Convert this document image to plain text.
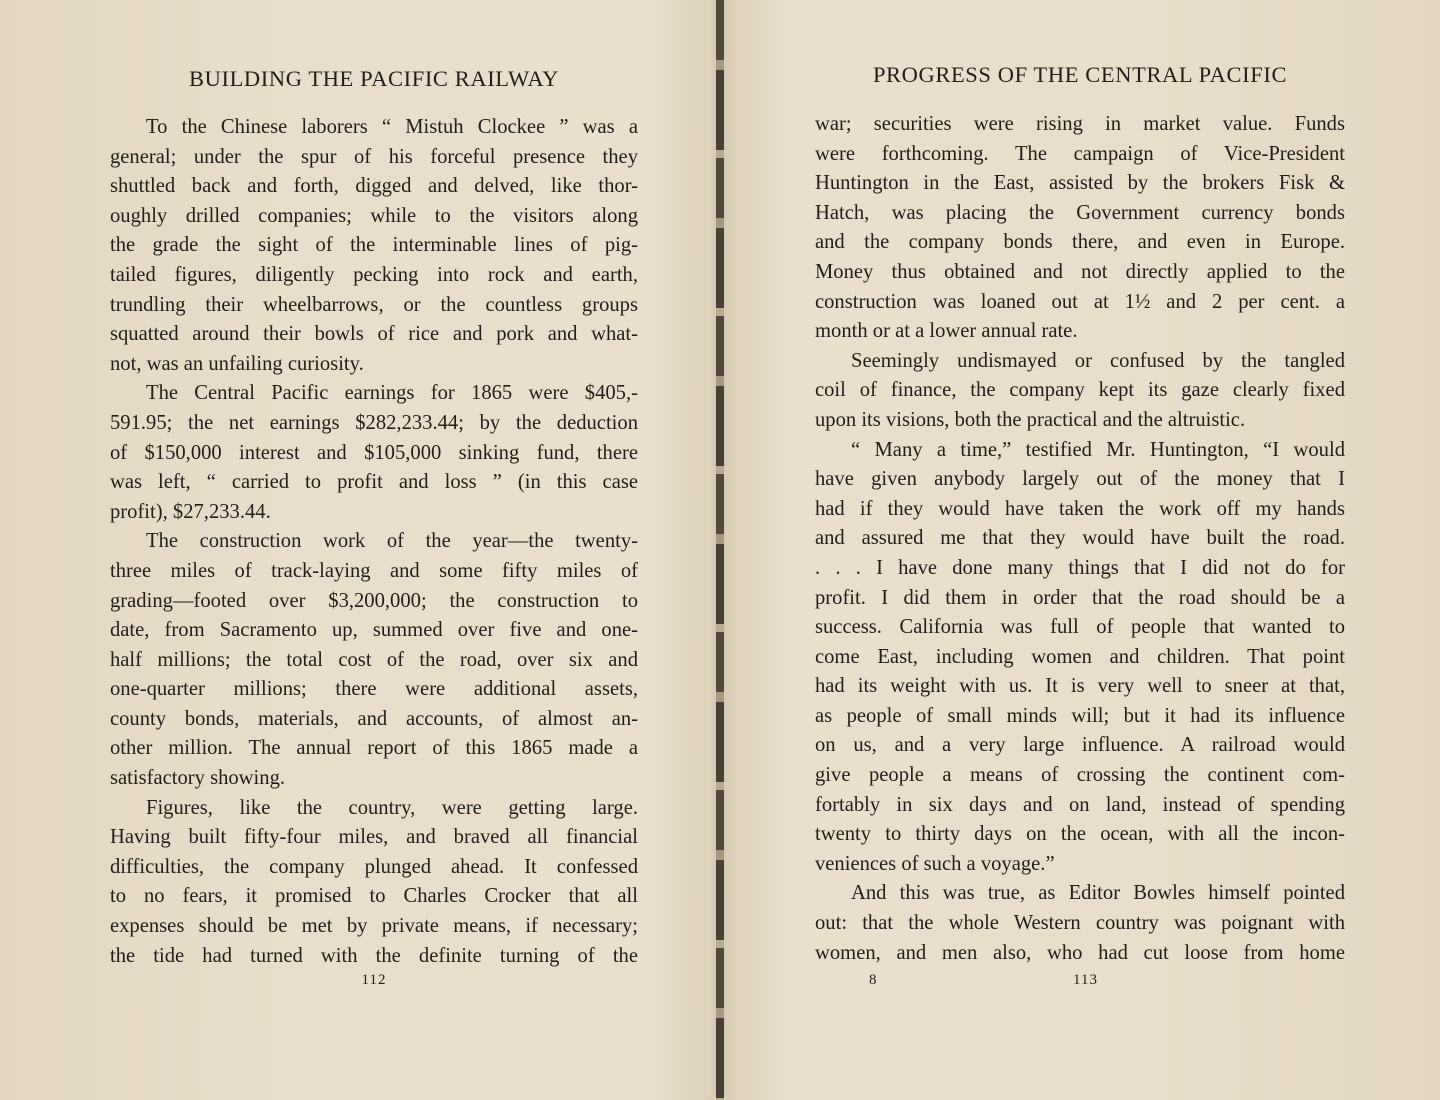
BUILDING THE PACIFIC RAILWAY
To the Chinese laborers “ Mistuh Clockee ” was a
general; under the spur of his forceful presence they
shuttled back and forth, digged and delved, like thor-
oughly drilled companies; while to the visitors along
the grade the sight of the interminable lines of pig-
tailed figures, diligently pecking into rock and earth,
trundling their wheelbarrows, or the countless groups
squatted around their bowls of rice and pork and what-
not, was an unfailing curiosity.
The Central Pacific earnings for 1865 were $405,-
591.95; the net earnings $282,233.44; by the deduction
of $150,000 interest and $105,000 sinking fund, there
was left, “ carried to profit and loss ” (in this case
profit), $27,233.44.
The construction work of the year—the twenty-
three miles of track-laying and some fifty miles of
grading—footed over $3,200,000; the construction to
date, from Sacramento up, summed over five and one-
half millions; the total cost of the road, over six and
one-quarter millions; there were additional assets,
county bonds, materials, and accounts, of almost an-
other million. The annual report of this 1865 made a
satisfactory showing.
Figures, like the country, were getting large.
Having built fifty-four miles, and braved all financial
difficulties, the company plunged ahead. It confessed
to no fears, it promised to Charles Crocker that all
expenses should be met by private means, if necessary;
the tide had turned with the definite turning of the
112
PROGRESS OF THE CENTRAL PACIFIC
war; securities were rising in market value. Funds
were forthcoming. The campaign of Vice-President
Huntington in the East, assisted by the brokers Fisk &
Hatch, was placing the Government currency bonds
and the company bonds there, and even in Europe.
Money thus obtained and not directly applied to the
construction was loaned out at 1½ and 2 per cent. a
month or at a lower annual rate.
Seemingly undismayed or confused by the tangled
coil of finance, the company kept its gaze clearly fixed
upon its visions, both the practical and the altruistic.
“ Many a time,” testified Mr. Huntington, “I would
have given anybody largely out of the money that I
had if they would have taken the work off my hands
and assured me that they would have built the road.
. . . I have done many things that I did not do for
profit. I did them in order that the road should be a
success. California was full of people that wanted to
come East, including women and children. That point
had its weight with us. It is very well to sneer at that,
as people of small minds will; but it had its influence
on us, and a very large influence. A railroad would
give people a means of crossing the continent com-
fortably in six days and on land, instead of spending
twenty to thirty days on the ocean, with all the incon-
veniences of such a voyage.”
And this was true, as Editor Bowles himself pointed
out: that the whole Western country was poignant with
women, and men also, who had cut loose from home
8	113
